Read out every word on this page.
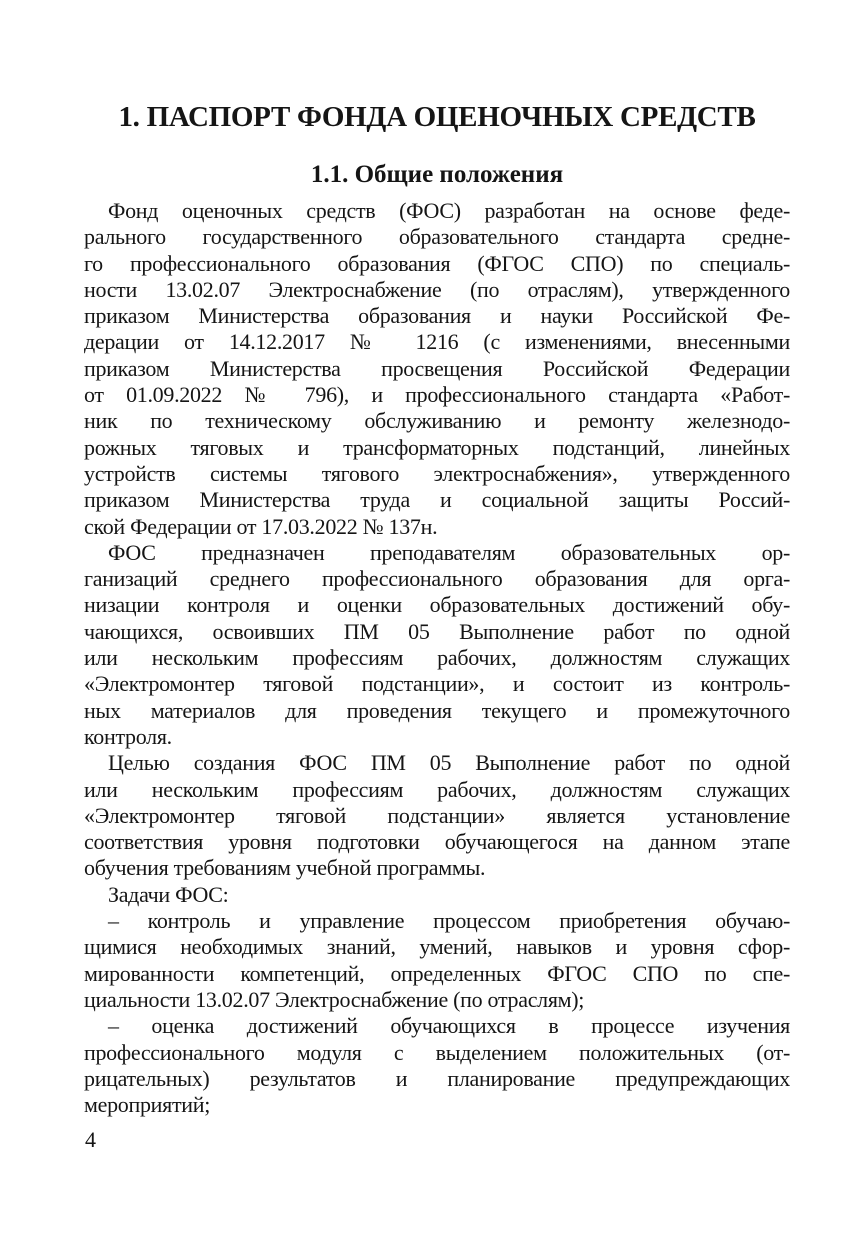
1. ПАСПОРТ ФОНДА ОЦЕНОЧНЫХ СРЕДСТВ
1.1. Общие положения
Фонд оценочных средств (ФОС) разработан на основе феде-
рального государственного образовательного стандарта средне-
го профессионального образования (ФГОС СПО) по специаль-
ности 13.02.07 Электроснабжение (по отраслям), утвержденного
приказом Министерства образования и науки Российской Фе-
дерации от 14.12.2017 № 1216 (с изменениями, внесенными
приказом Министерства просвещения Российской Федерации
от 01.09.2022 № 796), и профессионального стандарта «Работ-
ник по техническому обслуживанию и ремонту железнодо-
рожных тяговых и трансформаторных подстанций, линейных
устройств системы тягового электроснабжения», утвержденного
приказом Министерства труда и социальной защиты Россий-
ской Федерации от 17.03.2022 № 137н.
ФОС предназначен преподавателям образовательных ор-
ганизаций среднего профессионального образования для орга-
низации контроля и оценки образовательных достижений обу-
чающихся, освоивших ПМ 05 Выполнение работ по одной
или нескольким профессиям рабочих, должностям служащих
«Электромонтер тяговой подстанции», и состоит из контроль-
ных материалов для проведения текущего и промежуточного
контроля.
Целью создания ФОС ПМ 05 Выполнение работ по одной
или нескольким профессиям рабочих, должностям служащих
«Электромонтер тяговой подстанции» является установление
соответствия уровня подготовки обучающегося на данном этапе
обучения требованиям учебной программы.
Задачи ФОС:
– контроль и управление процессом приобретения обучаю-
щимися необходимых знаний, умений, навыков и уровня сфор-
мированности компетенций, определенных ФГОС СПО по спе-
циальности 13.02.07 Электроснабжение (по отраслям);
– оценка достижений обучающихся в процессе изучения
профессионального модуля с выделением положительных (от-
рицательных) результатов и планирование предупреждающих
мероприятий;
4
